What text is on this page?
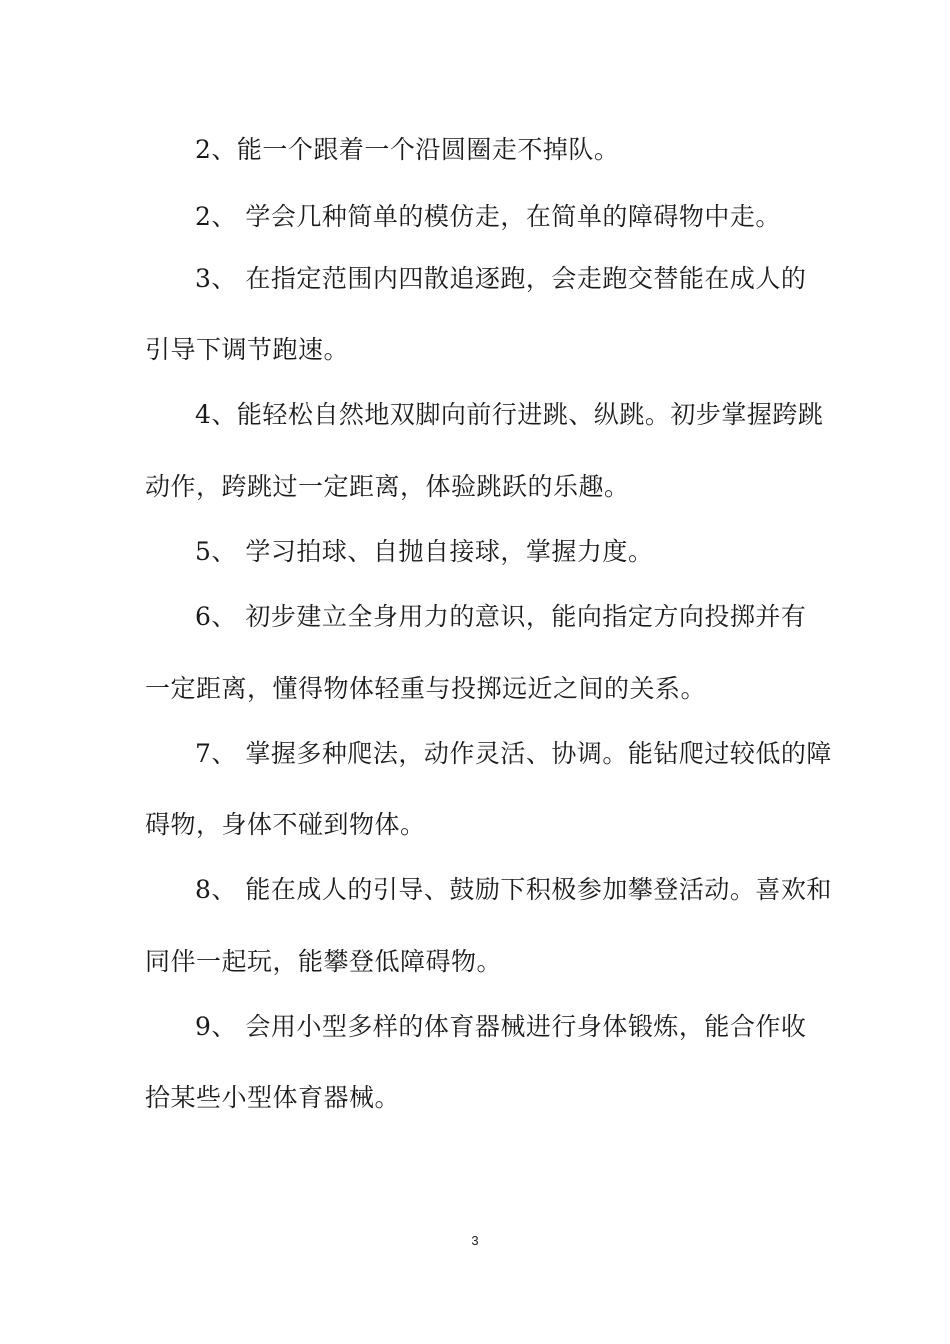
2、能一个跟着一个沿圆圈走不掉队。
2、 学会几种简单的模仿走，在简单的障碍物中走。
3、 在指定范围内四散追逐跑，会走跑交替能在成人的
引导下调节跑速。
4、能轻松自然地双脚向前行进跳、纵跳。初步掌握跨跳
动作，跨跳过一定距离，体验跳跃的乐趣。
5、 学习拍球、自抛自接球，掌握力度。
6、 初步建立全身用力的意识，能向指定方向投掷并有
一定距离，懂得物体轻重与投掷远近之间的关系。
7、 掌握多种爬法，动作灵活、协调。能钻爬过较低的障
碍物，身体不碰到物体。
8、 能在成人的引导、鼓励下积极参加攀登活动。喜欢和
同伴一起玩，能攀登低障碍物。
9、 会用小型多样的体育器械进行身体锻炼，能合作收
拾某些小型体育器械。
3
